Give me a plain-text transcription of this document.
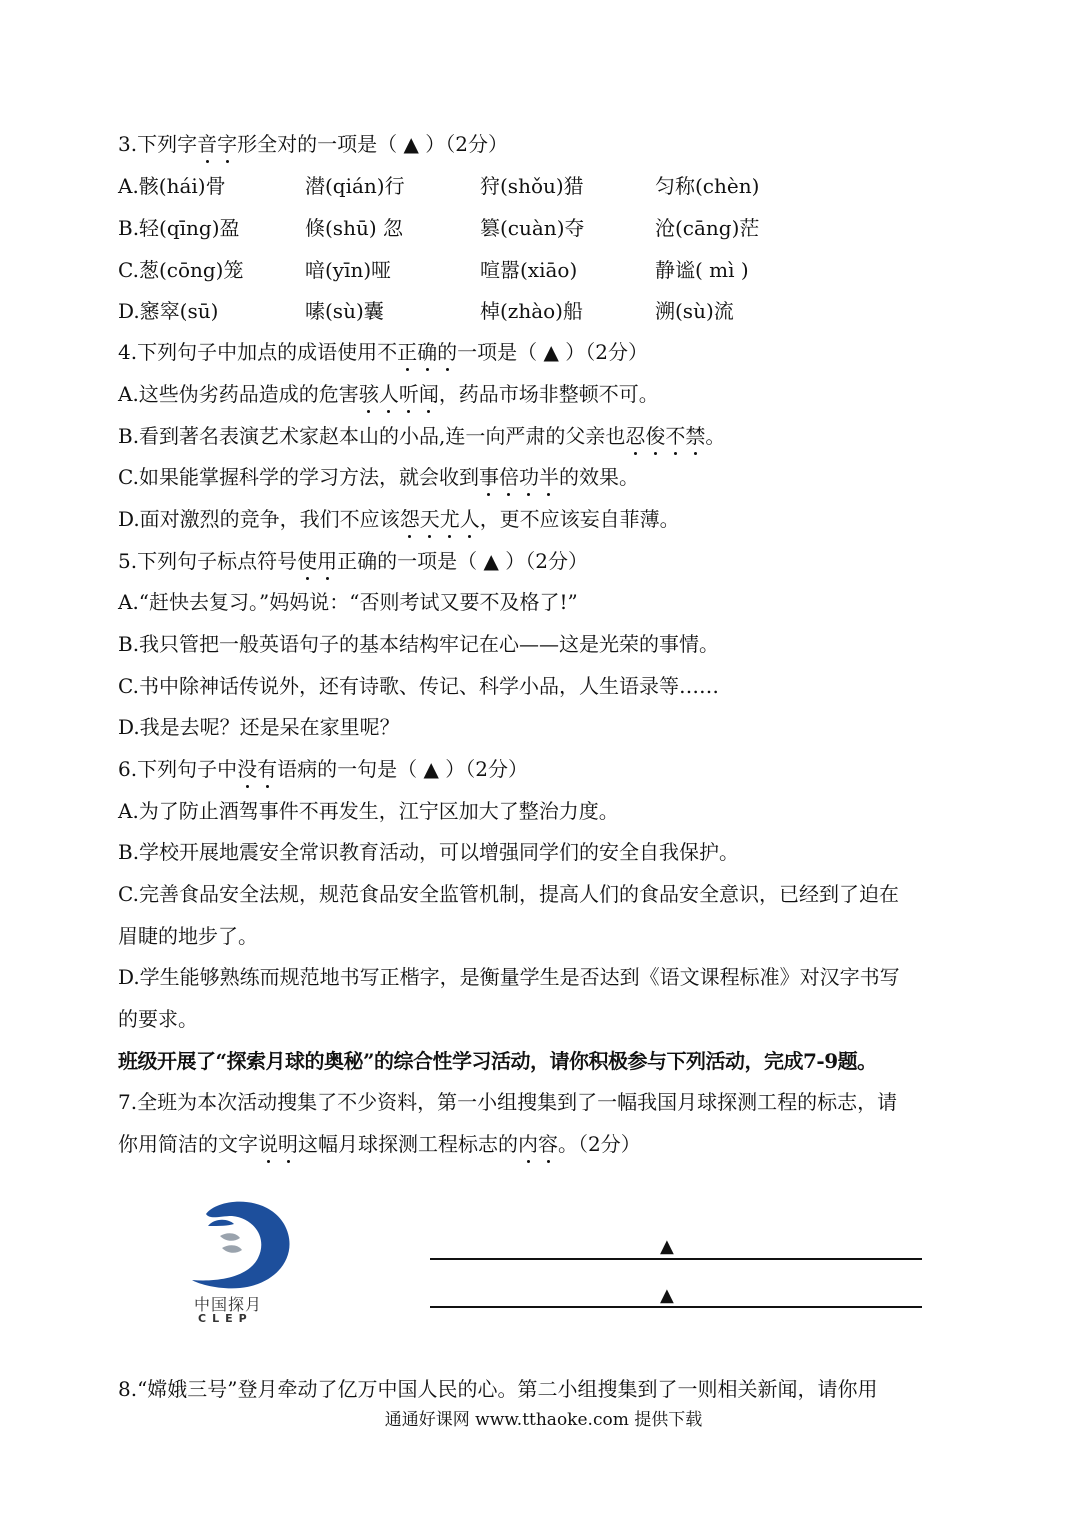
3.下列字音字形全对的一项是（ ▲ ）（2分）
A.骸(hái)骨	潜(qián)行	狩(shǒu)猎	匀称(chèn)
B.轻(qīng)盈	倏(shū) 忽	篡(cuàn)夺	沧(cāng)茫
C.葱(cōng)笼	喑(yīn)哑	喧嚣(xiāo)	静谧( mì )
D.窸窣(sū)	嗉(sù)囊	棹(zhào)船	溯(sù)流
4.下列句子中加点的成语使用不正确的一项是（ ▲ ）（2分）
A.这些伪劣药品造成的危害骇人听闻，药品市场非整顿不可。
B.看到著名表演艺术家赵本山的小品,连一向严肃的父亲也忍俊不禁。
C.如果能掌握科学的学习方法，就会收到事倍功半的效果。
D.面对激烈的竞争，我们不应该怨天尤人，更不应该妄自菲薄。
5.下列句子标点符号使用正确的一项是（ ▲ ）（2分）
A.“赶快去复习。”妈妈说：“否则考试又要不及格了!”
B.我只管把一般英语句子的基本结构牢记在心——这是光荣的事情。
C.书中除神话传说外，还有诗歌、传记、科学小品，人生语录等……
D.我是去呢？还是呆在家里呢？
6.下列句子中没有语病的一句是（ ▲ ）（2分）
A.为了防止酒驾事件不再发生，江宁区加大了整治力度。
B.学校开展地震安全常识教育活动，可以增强同学们的安全自我保护。
C.完善食品安全法规，规范食品安全监管机制，提高人们的食品安全意识，已经到了迫在
眉睫的地步了。
D.学生能够熟练而规范地书写正楷字，是衡量学生是否达到《语文课程标准》对汉字书写
的要求。
班级开展了“探索月球的奥秘”的综合性学习活动，请你积极参与下列活动，完成7-9题。
7.全班为本次活动搜集了不少资料，第一小组搜集到了一幅我国月球探测工程的标志，请
你用简洁的文字说明这幅月球探测工程标志的内容。（2分）
中国探月
CLEP
▲
▲
8.“嫦娥三号”登月牵动了亿万中国人民的心。第二小组搜集到了一则相关新闻，请你用
通通好课网 www.tthaoke.com 提供下载
